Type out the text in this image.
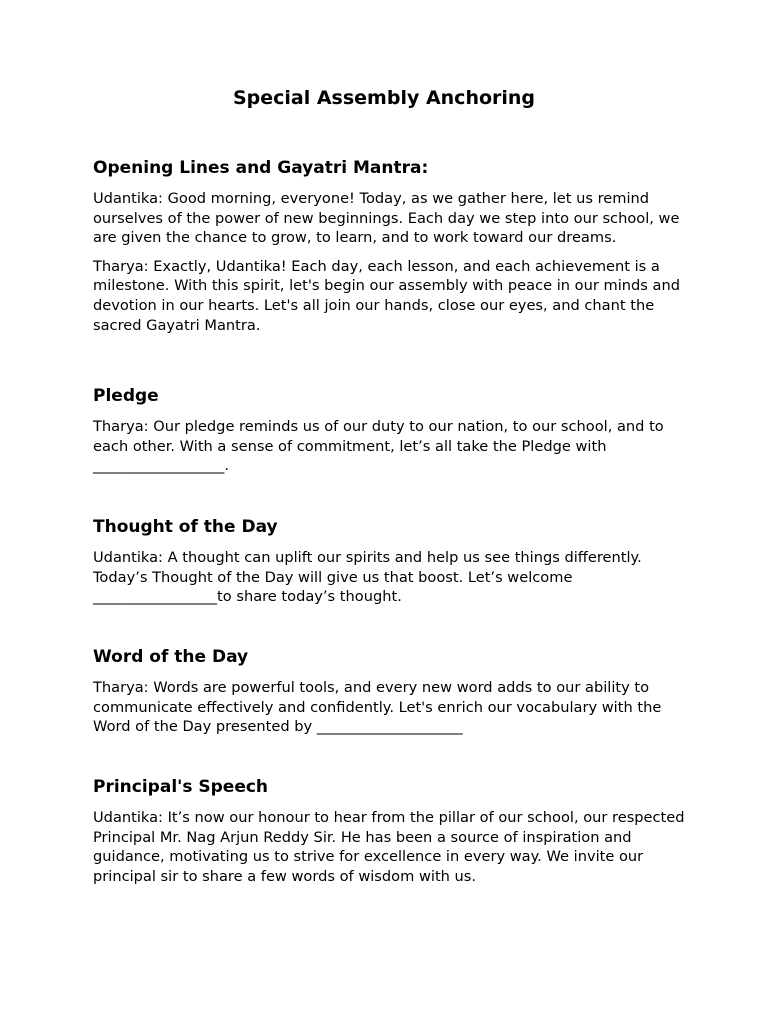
Special Assembly Anchoring
Opening Lines and Gayatri Mantra:

Udantika: Good morning, everyone! Today, as we gather here, let us remind ourselves of the power of new beginnings. Each day we step into our school, we are given the chance to grow, to learn, and to work toward our dreams.

Tharya: Exactly, Udantika! Each day, each lesson, and each achievement is a milestone. With this spirit, let's begin our assembly with peace in our minds and devotion in our hearts. Let's all join our hands, close our eyes, and chant the sacred Gayatri Mantra.

Pledge

Tharya: Our pledge reminds us of our duty to our nation, to our school, and to each other. With a sense of commitment, let’s all take the Pledge with __________________.

Thought of the Day

Udantika: A thought can uplift our spirits and help us see things differently. Today’s Thought of the Day will give us that boost. Let’s welcome _________________to share today’s thought.

Word of the Day

Tharya: Words are powerful tools, and every new word adds to our ability to communicate effectively and confidently. Let's enrich our vocabulary with the Word of the Day presented by ____________________

Principal's Speech

Udantika: It’s now our honour to hear from the pillar of our school, our respected Principal Mr. Nag Arjun Reddy Sir. He has been a source of inspiration and guidance, motivating us to strive for excellence in every way. We invite our principal sir to share a few words of wisdom with us.
